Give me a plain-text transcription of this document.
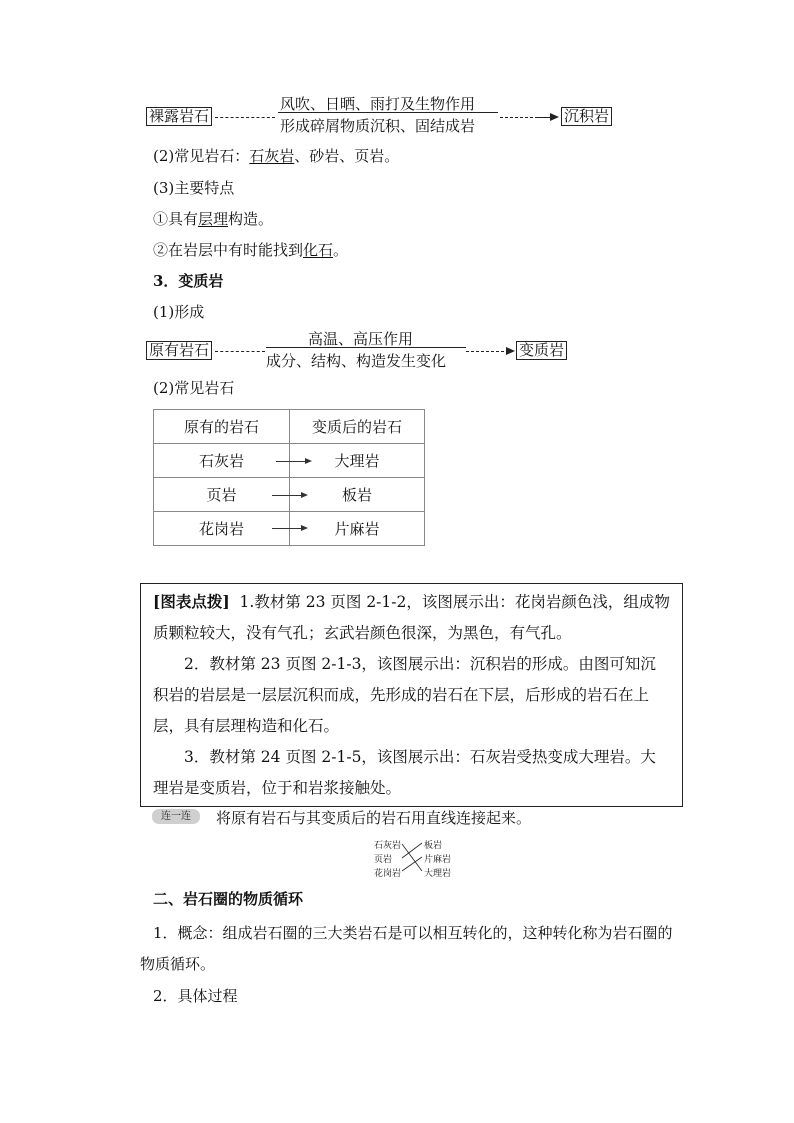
裸露岩石
风吹、日晒、雨打及生物作用
形成碎屑物质沉积、固结成岩
沉积岩
(2)常见岩石：石灰岩、砂岩、页岩。
(3)主要特点
①具有层理构造。
②在岩层中有时能找到化石。
3．变质岩
(1)形成
原有岩石
高温、高压作用
成分、结构、构造发生变化
变质岩
(2)常见岩石
原有的岩石	变质后的岩石
石灰岩	大理岩
页岩	板岩
花岗岩	片麻岩

[图表点拨] 1.教材第 23 页图 2-1-2，该图展示出：花岗岩颜色浅，组成物质颗粒较大，没有气孔；玄武岩颜色很深，为黑色，有气孔。

2．教材第 23 页图 2-1-3，该图展示出：沉积岩的形成。由图可知沉积岩的岩层是一层层沉积而成，先形成的岩石在下层，后形成的岩石在上层，具有层理构造和化石。

3．教材第 24 页图 2-1-5，该图展示出：石灰岩受热变成大理岩。大理岩是变质岩，位于和岩浆接触处。

连一连	将原有岩石与其变质后的岩石用直线连接起来。
石灰岩
页岩
花岗岩
板岩
片麻岩
大理岩
二、岩石圈的物质循环
1．概念：组成岩石圈的三大类岩石是可以相互转化的，这种转化称为岩石圈的物质循环。
2．具体过程
